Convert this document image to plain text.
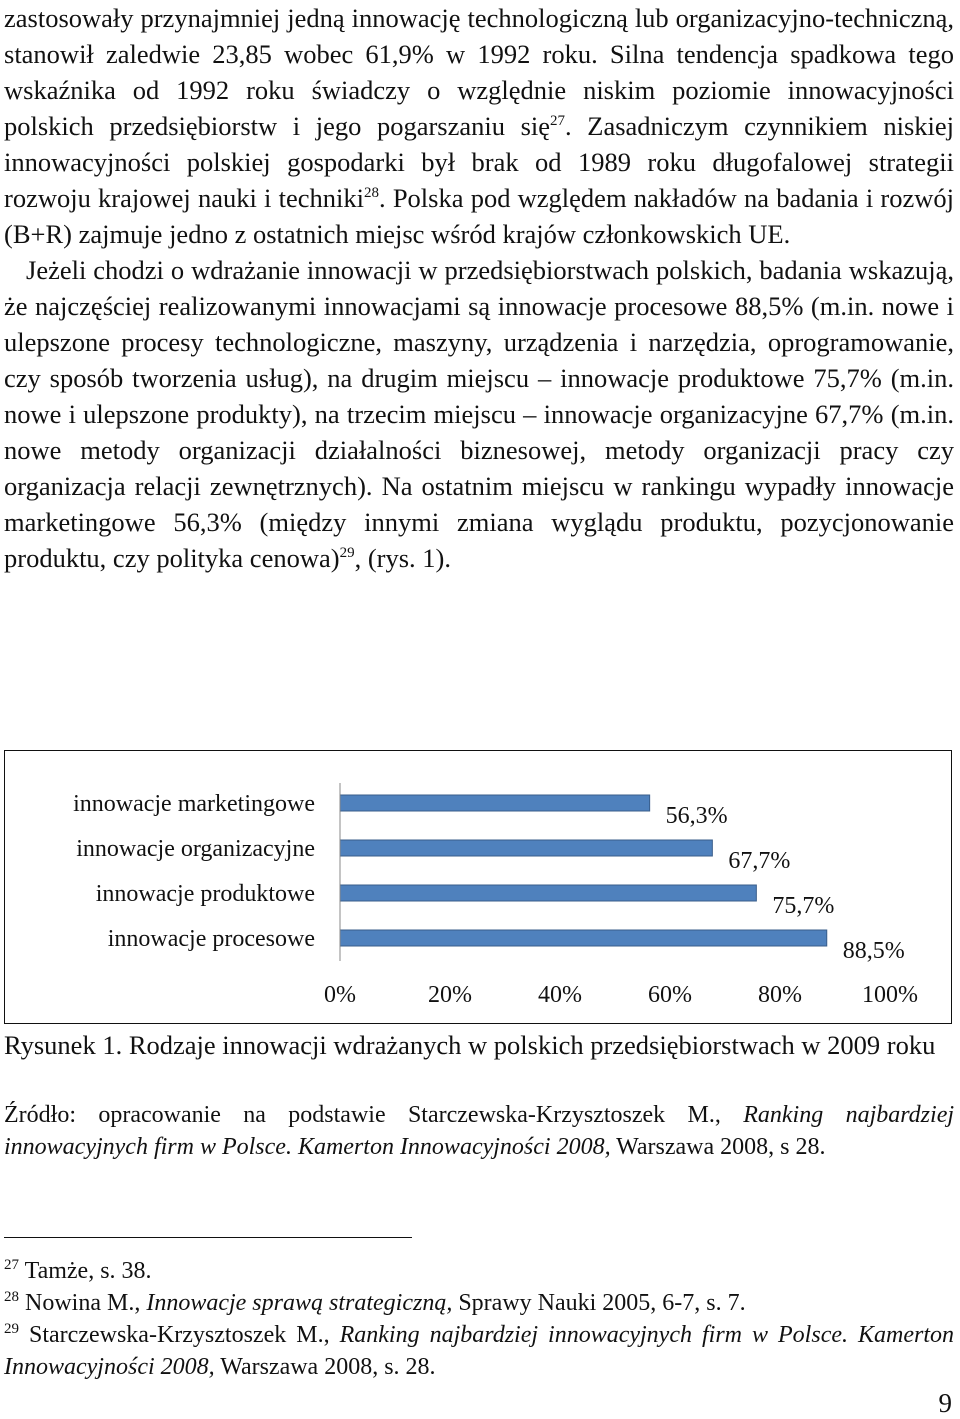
zastosowały przynajmniej jedną innowację technologiczną lub organizacyjno-techniczną, stanowił zaledwie 23,85 wobec 61,9% w 1992 roku. Silna tendencja spadkowa tego wskaźnika od 1992 roku świadczy o względnie niskim poziomie innowacyjności polskich przedsiębiorstw i jego pogarszaniu się$^{27}$. Zasadniczym czynnikiem niskiej innowacyjności polskiej gospodarki był brak od 1989 roku długofalowej strategii rozwoju krajowej nauki i techniki$^{28}$. Polska pod względem nakładów na badania i rozwój (B+R) zajmuje jedno z ostatnich miejsc wśród krajów członkowskich UE.

Jeżeli chodzi o wdrażanie innowacji w przedsiębiorstwach polskich, badania wskazują, że najczęściej realizowanymi innowacjami są innowacje procesowe 88,5% (m.in. nowe i ulepszone procesy technologiczne, maszyny, urządzenia i narzędzia, oprogramowanie, czy sposób tworzenia usług), na drugim miejscu – innowacje produktowe 75,7% (m.in. nowe i ulepszone produkty), na trzecim miejscu – innowacje organizacyjne 67,7% (m.in. nowe metody organizacji działalności biznesowej, metody organizacji pracy czy organizacja relacji zewnętrznych). Na ostatnim miejscu w rankingu wypadły innowacje marketingowe 56,3% (między innymi zmiana wyglądu produktu, pozycjonowanie produktu, czy polityka cenowa)$^{29}$, (rys. 1).

innowacje marketingowe	56,3%
innowacje organizacyjne	67,7%
innowacje produktowe	75,7%
innowacje procesowe	88,5%
0%	20%	40%	60%	80%	100%
Rysunek 1. Rodzaje innowacji wdrażanych w polskich przedsiębiorstwach w 2009 roku
Źródło: opracowanie na podstawie Starczewska-Krzysztoszek M., Ranking najbardziej innowacyjnych firm w Polsce. Kamerton Innowacyjności 2008, Warszawa 2008, s 28.

$^{27}$ Tamże, s. 38.

$^{28}$ Nowina M., Innowacje sprawą strategiczną, Sprawy Nauki 2005, 6-7, s. 7.

$^{29}$ Starczewska-Krzysztoszek M., Ranking najbardziej innowacyjnych firm w Polsce. Kamerton Innowacyjności 2008, Warszawa 2008, s. 28.

9
